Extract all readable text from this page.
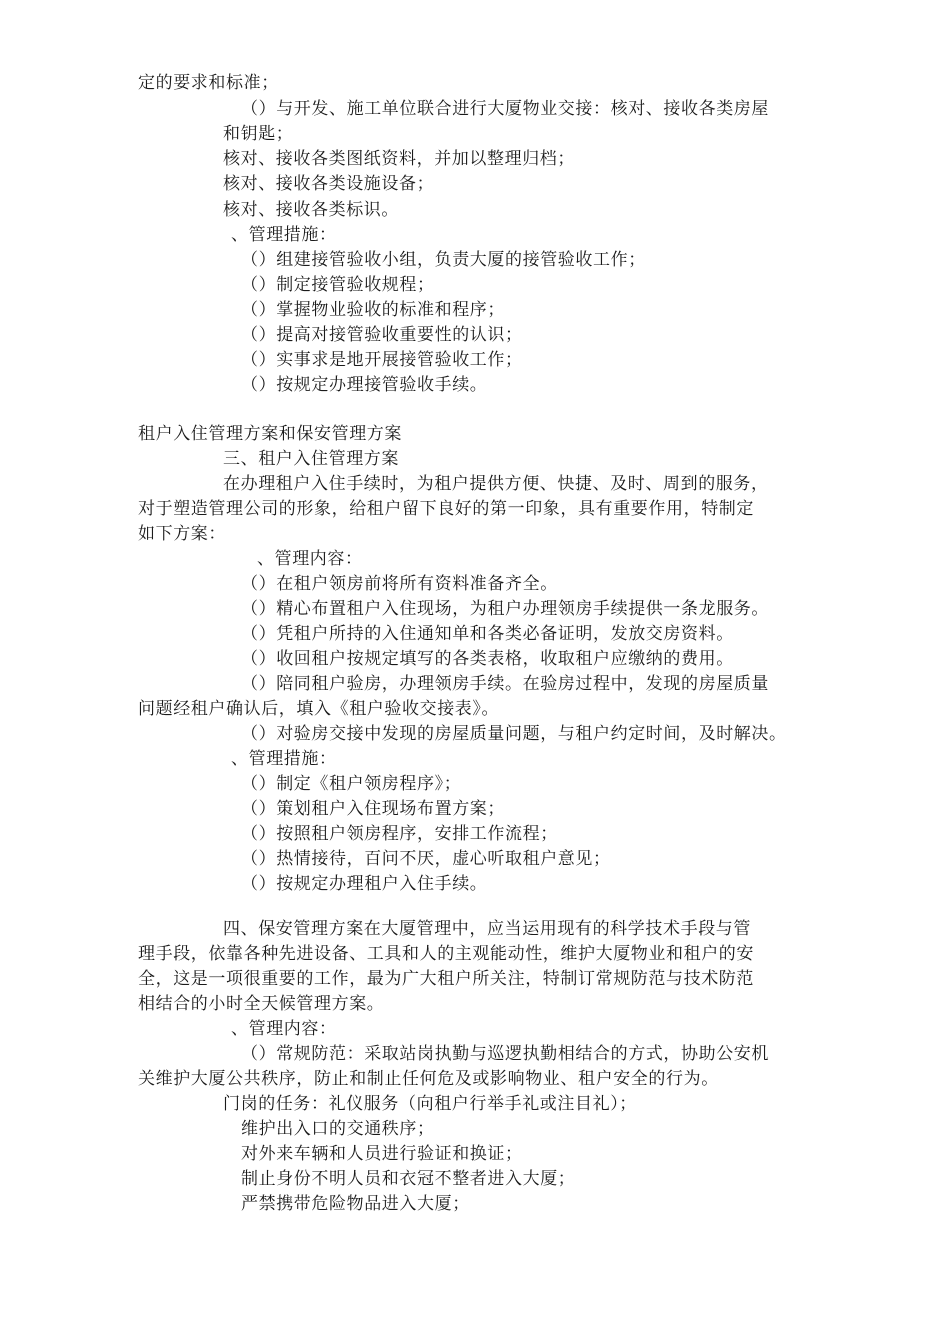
定的要求和标准；
（）与开发、施工单位联合进行大厦物业交接：核对、接收各类房屋
和钥匙；
核对、接收各类图纸资料，并加以整理归档；
核对、接收各类设施设备；
核对、接收各类标识。
、管理措施：
（）组建接管验收小组，负责大厦的接管验收工作；
（）制定接管验收规程；
（）掌握物业验收的标准和程序；
（）提高对接管验收重要性的认识；
（）实事求是地开展接管验收工作；
（）按规定办理接管验收手续。
租户入住管理方案和保安管理方案
三、租户入住管理方案
在办理租户入住手续时，为租户提供方便、快捷、及时、周到的服务，
对于塑造管理公司的形象，给租户留下良好的第一印象，具有重要作用，特制定
如下方案：
、管理内容：
（）在租户领房前将所有资料准备齐全。
（）精心布置租户入住现场，为租户办理领房手续提供一条龙服务。
（）凭租户所持的入住通知单和各类必备证明，发放交房资料。
（）收回租户按规定填写的各类表格，收取租户应缴纳的费用。
（）陪同租户验房，办理领房手续。在验房过程中，发现的房屋质量
问题经租户确认后，填入《租户验收交接表》。
（）对验房交接中发现的房屋质量问题，与租户约定时间，及时解决。
、管理措施：
（）制定《租户领房程序》；
（）策划租户入住现场布置方案；
（）按照租户领房程序，安排工作流程；
（）热情接待，百问不厌，虚心听取租户意见；
（）按规定办理租户入住手续。
四、保安管理方案在大厦管理中，应当运用现有的科学技术手段与管
理手段，依靠各种先进设备、工具和人的主观能动性，维护大厦物业和租户的安
全，这是一项很重要的工作，最为广大租户所关注，特制订常规防范与技术防范
相结合的小时全天候管理方案。
、管理内容：
（）常规防范：采取站岗执勤与巡逻执勤相结合的方式，协助公安机
关维护大厦公共秩序，防止和制止任何危及或影响物业、租户安全的行为。
门岗的任务：礼仪服务（向租户行举手礼或注目礼）；
维护出入口的交通秩序；
对外来车辆和人员进行验证和换证；
制止身份不明人员和衣冠不整者进入大厦；
严禁携带危险物品进入大厦；
